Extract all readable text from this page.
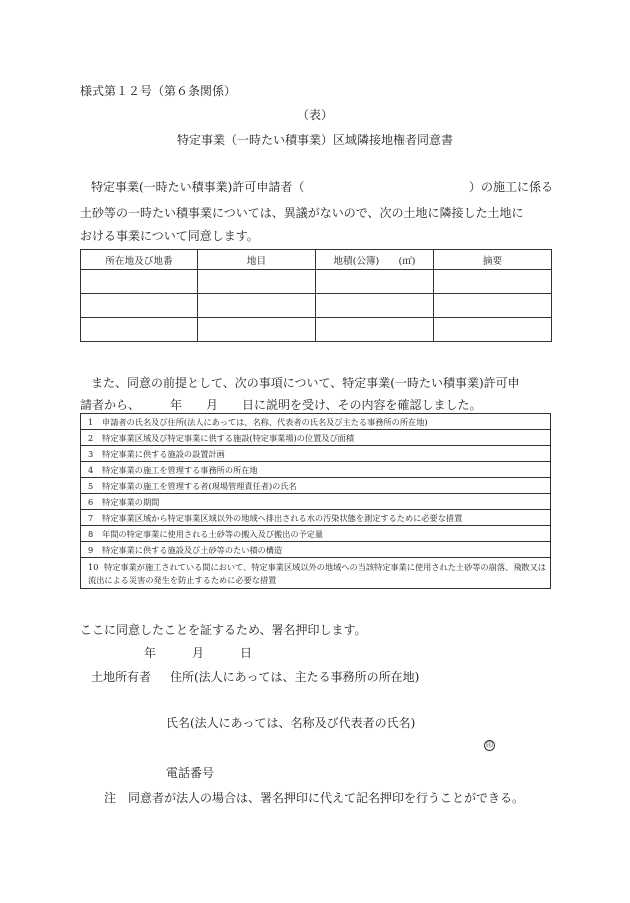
様式第１２号（第６条関係）
（表）
特定事業（一時たい積事業）区域隣接地権者同意書
特定事業(一時たい積事業)許可申請者（	）の施工に係る
土砂等の一時たい積事業については、異議がないので、次の土地に隣接した土地に
おける事業について同意します。
所在地及び地番	地目	地積(公簿)　　(㎡)	摘要

また、同意の前提として、次の事項について、特定事業(一時たい積事業)許可申
請者から、　　　年　　月　　日に説明を受け、その内容を確認しました。
1 申請者の氏名及び住所(法人にあっては、名称、代表者の氏名及び主たる事務所の所在地)
2 特定事業区域及び特定事業に供する施設(特定事業場)の位置及び面積
3 特定事業に供する施設の設置計画
4 特定事業の施工を管理する事務所の所在地
5 特定事業の施工を管理する者(現場管理責任者)の氏名
6 特定事業の期間
7 特定事業区域から特定事業区域以外の地域へ排出される水の汚染状態を測定するために必要な措置
8 年間の特定事業に使用される土砂等の搬入及び搬出の予定量
9 特定事業に供する施設及び土砂等のたい積の構造
10 特定事業が施工されている間において、特定事業区域以外の地域への当該特定事業に使用された土砂等の崩落、飛散又は流出による災害の発生を防止するために必要な措置
ここに同意したことを証するため、署名押印します。
年　　　月　　　日
土地所有者 住所(法人にあっては、主たる事務所の所在地)
氏名(法人にあっては、名称及び代表者の氏名)
印
電話番号
注　同意者が法人の場合は、署名押印に代えて記名押印を行うことができる。
